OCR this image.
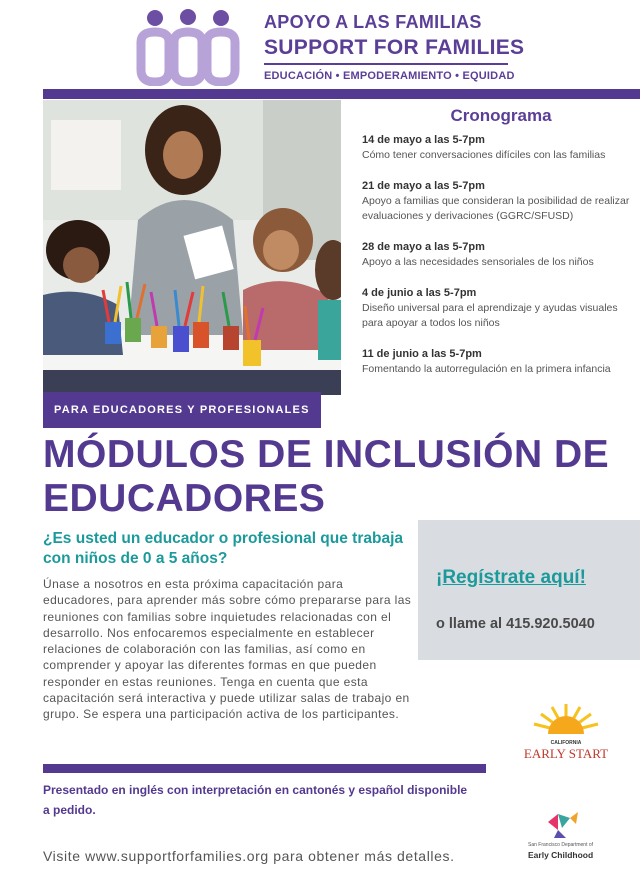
APOYO A LAS FAMILIAS
SUPPORT FOR FAMILIES
EDUCACIÓN • EMPODERAMIENTO • EQUIDAD
PARA EDUCADORES Y PROFESIONALES
Cronograma
14 de mayo a las 5-7pm
Cómo tener conversaciones difíciles con las familias
21 de mayo a las 5-7pm
Apoyo a familias que consideran la posibilidad de realizar evaluaciones y derivaciones (GGRC/SFUSD)
28 de mayo a las 5-7pm
Apoyo a las necesidades sensoriales de los niños
4 de junio a las 5-7pm
Diseño universal para el aprendizaje y ayudas visuales para apoyar a todos los niños
11 de junio a las 5-7pm
Fomentando la autorregulación en la primera infancia
MÓDULOS DE INCLUSIÓN DE EDUCADORES
¿Es usted un educador o profesional que trabaja con niños de 0 a 5 años?
Únase a nosotros en esta próxima capacitación para educadores, para aprender más sobre cómo prepararse para las reuniones con familias sobre inquietudes relacionadas con el desarrollo. Nos enfocaremos especialmente en establecer relaciones de colaboración con las familias, así como en comprender y apoyar las diferentes formas en que pueden responder en estas reuniones. Tenga en cuenta que esta capacitación será interactiva y puede utilizar salas de trabajo en grupo. Se espera una participación activa de los participantes.
¡Regístrate aquí!
o llame al 415.920.5040
CALIFORNIA
EARLY START
Presentado en inglés con interpretación en cantonés y español disponible a pedido.
San Francisco Department of
Early Childhood
Visite www.supportforfamilies.org para obtener más detalles.
